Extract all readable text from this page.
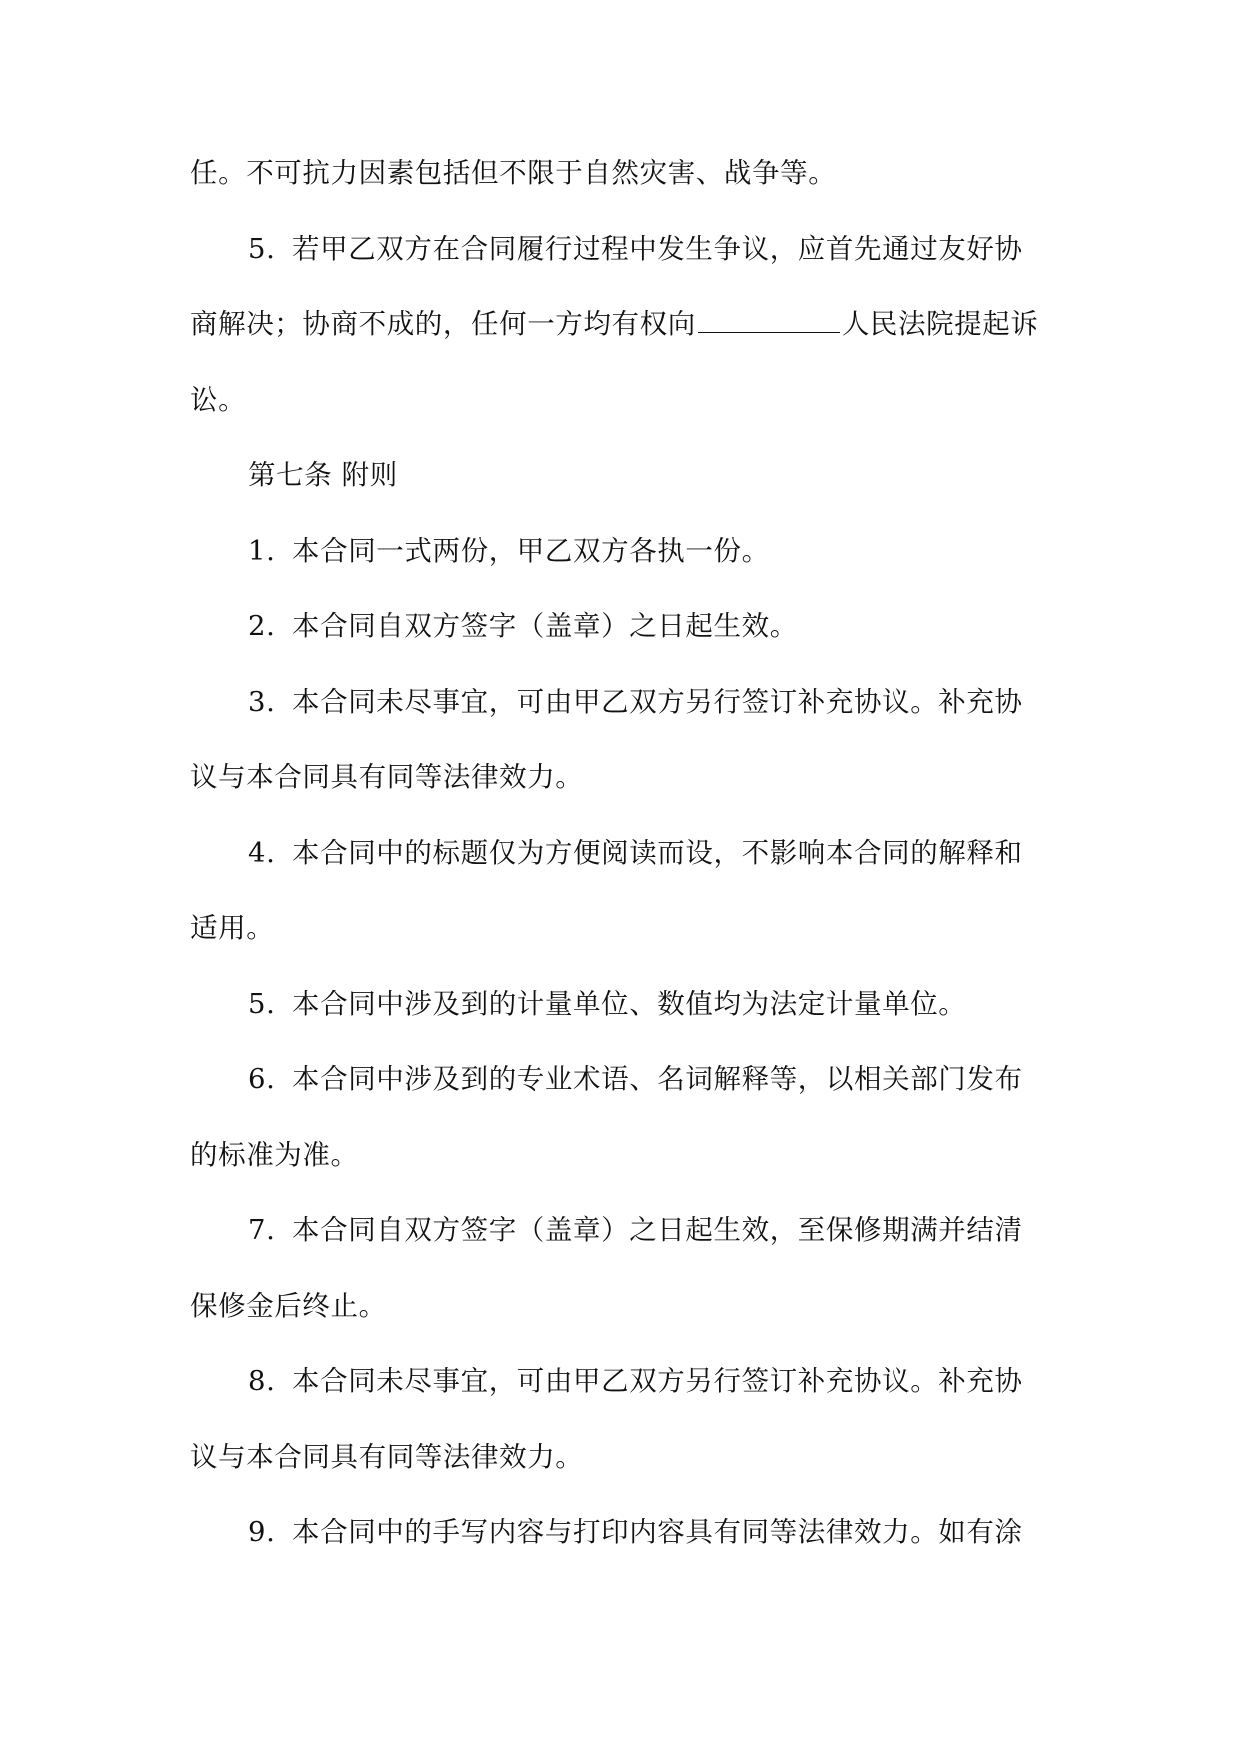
任。不可抗力因素包括但不限于自然灾害、战争等。
5. 若甲乙双方在合同履行过程中发生争议，应首先通过友好协
商解决；协商不成的，任何一方均有权向	人民法院提起诉
讼。
第七条 附则
1. 本合同一式两份，甲乙双方各执一份。
2. 本合同自双方签字（盖章）之日起生效。
3. 本合同未尽事宜，可由甲乙双方另行签订补充协议。补充协
议与本合同具有同等法律效力。
4. 本合同中的标题仅为方便阅读而设，不影响本合同的解释和
适用。
5. 本合同中涉及到的计量单位、数值均为法定计量单位。
6. 本合同中涉及到的专业术语、名词解释等，以相关部门发布
的标准为准。
7. 本合同自双方签字（盖章）之日起生效，至保修期满并结清
保修金后终止。
8. 本合同未尽事宜，可由甲乙双方另行签订补充协议。补充协
议与本合同具有同等法律效力。
9. 本合同中的手写内容与打印内容具有同等法律效力。如有涂
